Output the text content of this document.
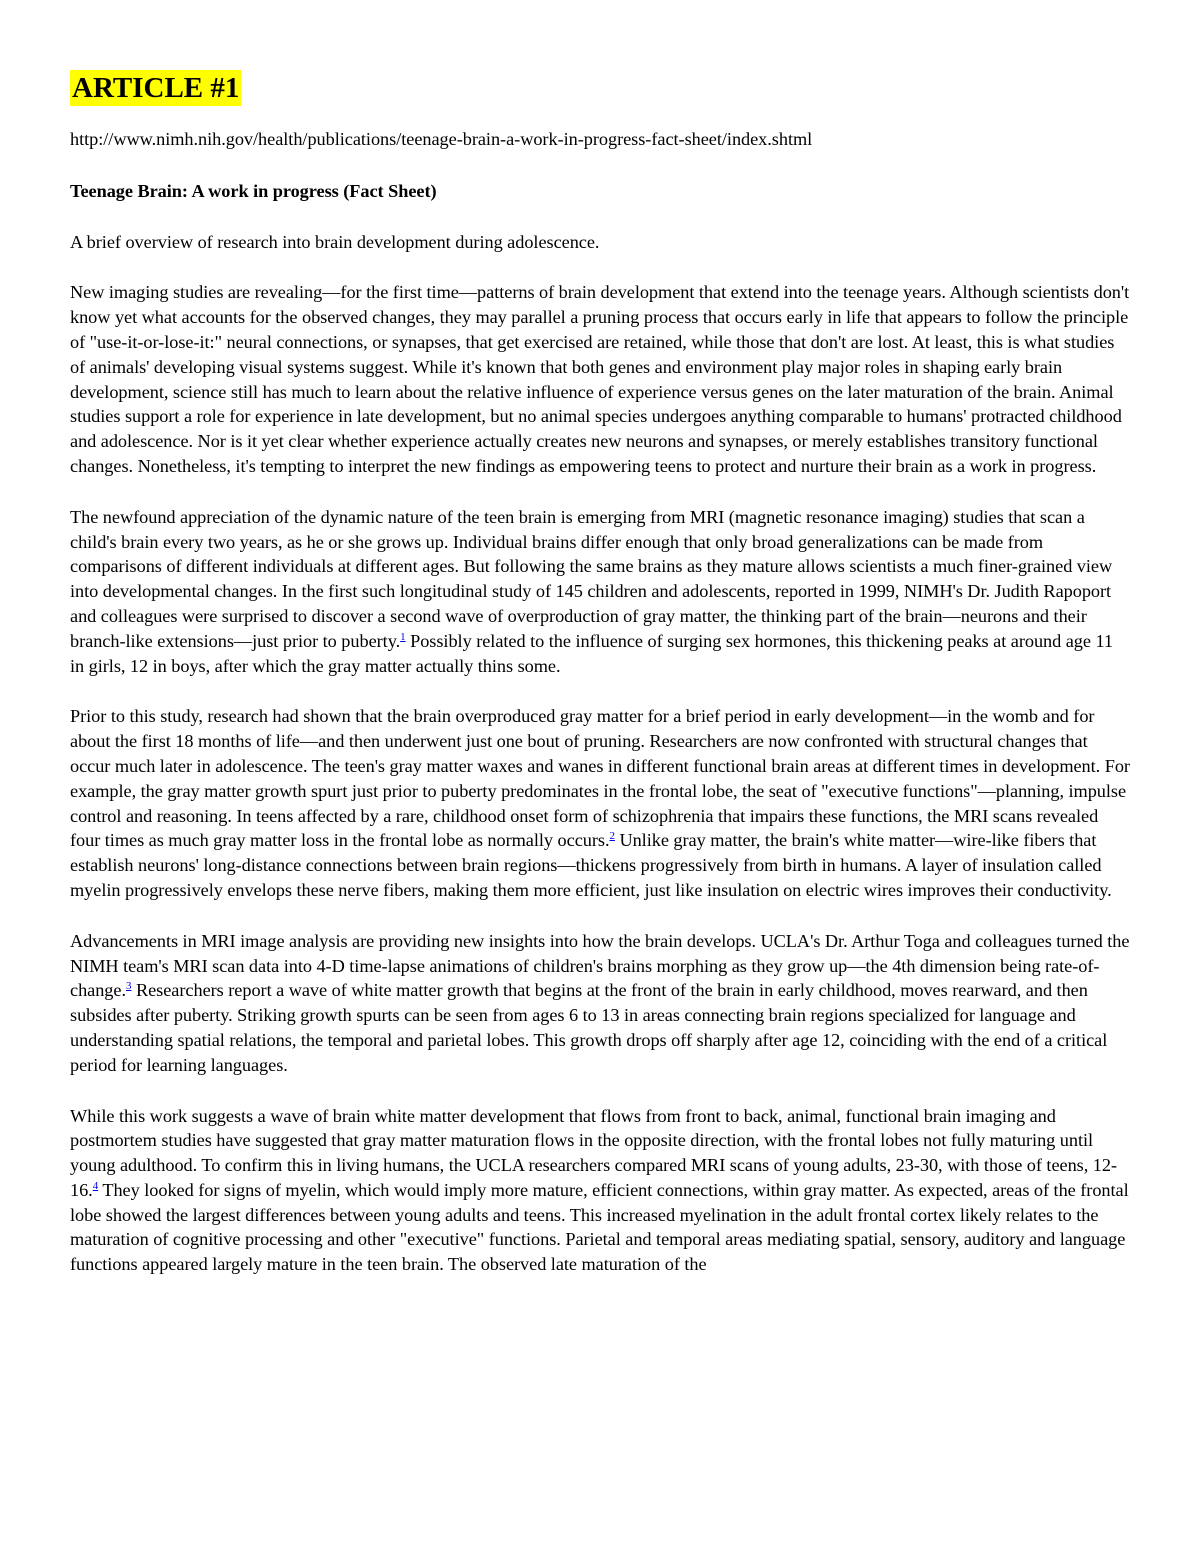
ARTICLE #1

http://www.nimh.nih.gov/health/publications/teenage-brain-a-work-in-progress-fact-sheet/index.shtml

Teenage Brain: A work in progress (Fact Sheet)

A brief overview of research into brain development during adolescence.

New imaging studies are revealing—for the first time—patterns of brain development that extend into the teenage years. Although scientists don't know yet what accounts for the observed changes, they may parallel a pruning process that occurs early in life that appears to follow the principle of "use-it-or-lose-it:" neural connections, or synapses, that get exercised are retained, while those that don't are lost. At least, this is what studies of animals' developing visual systems suggest. While it's known that both genes and environment play major roles in shaping early brain development, science still has much to learn about the relative influence of experience versus genes on the later maturation of the brain. Animal studies support a role for experience in late development, but no animal species undergoes anything comparable to humans' protracted childhood and adolescence. Nor is it yet clear whether experience actually creates new neurons and synapses, or merely establishes transitory functional changes. Nonetheless, it's tempting to interpret the new findings as empowering teens to protect and nurture their brain as a work in progress.

The newfound appreciation of the dynamic nature of the teen brain is emerging from MRI (magnetic resonance imaging) studies that scan a child's brain every two years, as he or she grows up. Individual brains differ enough that only broad generalizations can be made from comparisons of different individuals at different ages. But following the same brains as they mature allows scientists a much finer-grained view into developmental changes. In the first such longitudinal study of 145 children and adolescents, reported in 1999, NIMH's Dr. Judith Rapoport and colleagues were surprised to discover a second wave of overproduction of gray matter, the thinking part of the brain—neurons and their branch-like extensions—just prior to puberty.$^1$ Possibly related to the influence of surging sex hormones, this thickening peaks at around age 11 in girls, 12 in boys, after which the gray matter actually thins some.

Prior to this study, research had shown that the brain overproduced gray matter for a brief period in early development—in the womb and for about the first 18 months of life—and then underwent just one bout of pruning. Researchers are now confronted with structural changes that occur much later in adolescence. The teen's gray matter waxes and wanes in different functional brain areas at different times in development. For example, the gray matter growth spurt just prior to puberty predominates in the frontal lobe, the seat of "executive functions"—planning, impulse control and reasoning. In teens affected by a rare, childhood onset form of schizophrenia that impairs these functions, the MRI scans revealed four times as much gray matter loss in the frontal lobe as normally occurs.$^2$ Unlike gray matter, the brain's white matter—wire-like fibers that establish neurons' long-distance connections between brain regions—thickens progressively from birth in humans. A layer of insulation called myelin progressively envelops these nerve fibers, making them more efficient, just like insulation on electric wires improves their conductivity.

Advancements in MRI image analysis are providing new insights into how the brain develops. UCLA's Dr. Arthur Toga and colleagues turned the NIMH team's MRI scan data into 4-D time-lapse animations of children's brains morphing as they grow up—the 4th dimension being rate-of-change.$^3$ Researchers report a wave of white matter growth that begins at the front of the brain in early childhood, moves rearward, and then subsides after puberty. Striking growth spurts can be seen from ages 6 to 13 in areas connecting brain regions specialized for language and understanding spatial relations, the temporal and parietal lobes. This growth drops off sharply after age 12, coinciding with the end of a critical period for learning languages.

While this work suggests a wave of brain white matter development that flows from front to back, animal, functional brain imaging and postmortem studies have suggested that gray matter maturation flows in the opposite direction, with the frontal lobes not fully maturing until young adulthood. To confirm this in living humans, the UCLA researchers compared MRI scans of young adults, 23-30, with those of teens, 12-16.$^4$ They looked for signs of myelin, which would imply more mature, efficient connections, within gray matter. As expected, areas of the frontal lobe showed the largest differences between young adults and teens. This increased myelination in the adult frontal cortex likely relates to the maturation of cognitive processing and other "executive" functions. Parietal and temporal areas mediating spatial, sensory, auditory and language functions appeared largely mature in the teen brain. The observed late maturation of the
